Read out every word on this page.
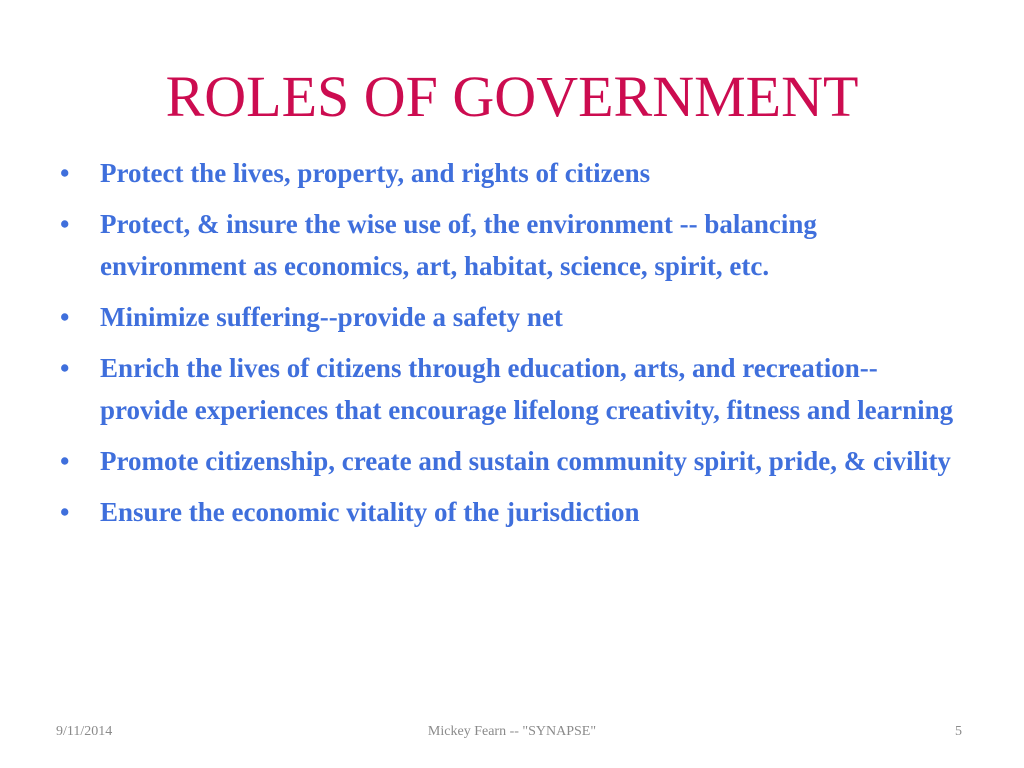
ROLES OF GOVERNMENT
• Protect the lives, property, and rights of citizens
• Protect, & insure the wise use of, the environment -- balancing environment as economics, art, habitat, science, spirit, etc.
• Minimize suffering--provide a safety net
• Enrich the lives of citizens through education, arts, and recreation--provide experiences that encourage lifelong creativity, fitness and learning
• Promote citizenship, create and sustain community spirit, pride, & civility
• Ensure the economic vitality of the jurisdiction
Mickey Fearn -- "SYNAPSE"
9/11/2014	5
